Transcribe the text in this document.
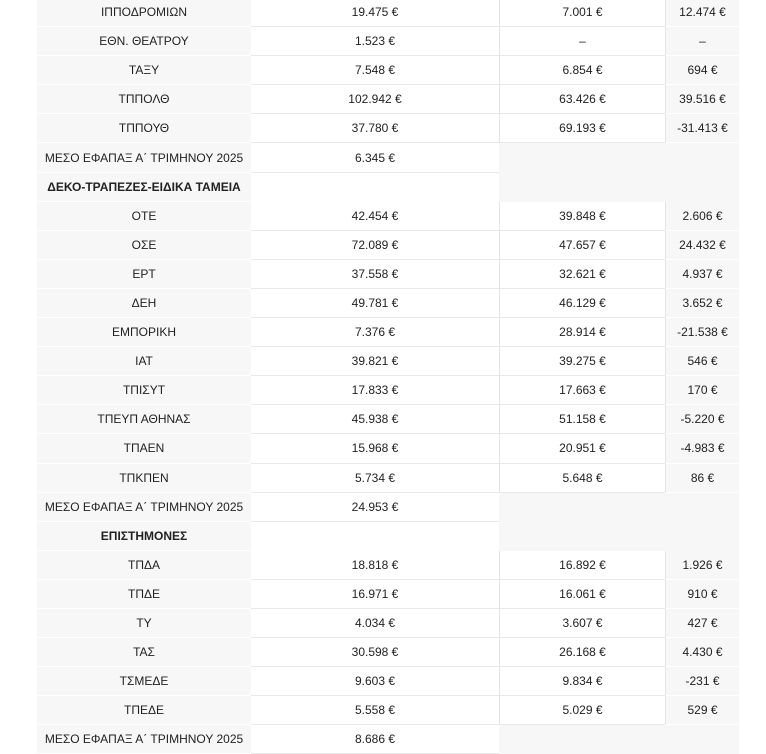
ΙΠΠΟΔΡΟΜΙΩΝ	19.475 €	7.001 €	12.474 €
ΕΘΝ. ΘΕΑΤΡΟΥ	1.523 €	–	–
ΤΑΞΥ	7.548 €	6.854 €	694 €
ΤΠΠΟΛΘ	102.942 €	63.426 €	39.516 €
ΤΠΠΟΥΘ	37.780 €	69.193 €	-31.413 €
ΜΕΣΟ ΕΦΑΠΑΞ Α΄ ΤΡΙΜΗΝΟΥ 2025	6.345 €
ΔΕΚΟ-ΤΡΑΠΕΖΕΣ-ΕΙΔΙΚΑ ΤΑΜΕΙΑ
ΟΤΕ	42.454 €	39.848 €	2.606 €
ΟΣΕ	72.089 €	47.657 €	24.432 €
ΕΡΤ	37.558 €	32.621 €	4.937 €
ΔΕΗ	49.781 €	46.129 €	3.652 €
ΕΜΠΟΡΙΚΗ	7.376 €	28.914 €	-21.538 €
ΙΑΤ	39.821 €	39.275 €	546 €
ΤΠΙΣΥΤ	17.833 €	17.663 €	170 €
ΤΠΕΥΠ ΑΘΗΝΑΣ	45.938 €	51.158 €	-5.220 €
ΤΠΑΕΝ	15.968 €	20.951 €	-4.983 €
ΤΠΚΠΕΝ	5.734 €	5.648 €	86 €
ΜΕΣΟ ΕΦΑΠΑΞ Α΄ ΤΡΙΜΗΝΟΥ 2025	24.953 €
ΕΠΙΣΤΗΜΟΝΕΣ
ΤΠΔΑ	18.818 €	16.892 €	1.926 €
ΤΠΔΕ	16.971 €	16.061 €	910 €
ΤΥ	4.034 €	3.607 €	427 €
ΤΑΣ	30.598 €	26.168 €	4.430 €
ΤΣΜΕΔΕ	9.603 €	9.834 €	-231 €
ΤΠΕΔΕ	5.558 €	5.029 €	529 €
ΜΕΣΟ ΕΦΑΠΑΞ Α΄ ΤΡΙΜΗΝΟΥ 2025	8.686 €
